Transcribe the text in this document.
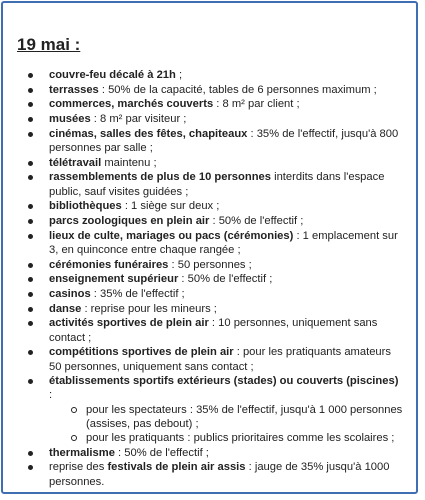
19 mai :

couvre-feu décalé à 21h ;
terrasses : 50% de la capacité, tables de 6 personnes maximum ;
commerces, marchés couverts : 8 m² par client ;
musées : 8 m² par visiteur ;
cinémas, salles des fêtes, chapiteaux : 35% de l'effectif, jusqu'à 800 personnes par salle ;
télétravail maintenu ;
rassemblements de plus de 10 personnes interdits dans l'espace public, sauf visites guidées ;
bibliothèques : 1 siège sur deux ;
parcs zoologiques en plein air : 50% de l'effectif ;
lieux de culte, mariages ou pacs (cérémonies) : 1 emplacement sur 3, en quinconce entre chaque rangée ;
cérémonies funéraires : 50 personnes ;
enseignement supérieur : 50% de l'effectif ;
casinos : 35% de l'effectif ;
danse : reprise pour les mineurs ;
activités sportives de plein air : 10 personnes, uniquement sans contact ;
compétitions sportives de plein air : pour les pratiquants amateurs 50 personnes, uniquement sans contact ;
établissements sportifs extérieurs (stades) ou couverts (piscines) :
pour les spectateurs : 35% de l'effectif, jusqu'à 1 000 personnes (assises, pas debout) ;
pour les pratiquants : publics prioritaires comme les scolaires ;
thermalisme : 50% de l'effectif ;
reprise des festivals de plein air assis : jauge de 35% jusqu'à 1000 personnes.
